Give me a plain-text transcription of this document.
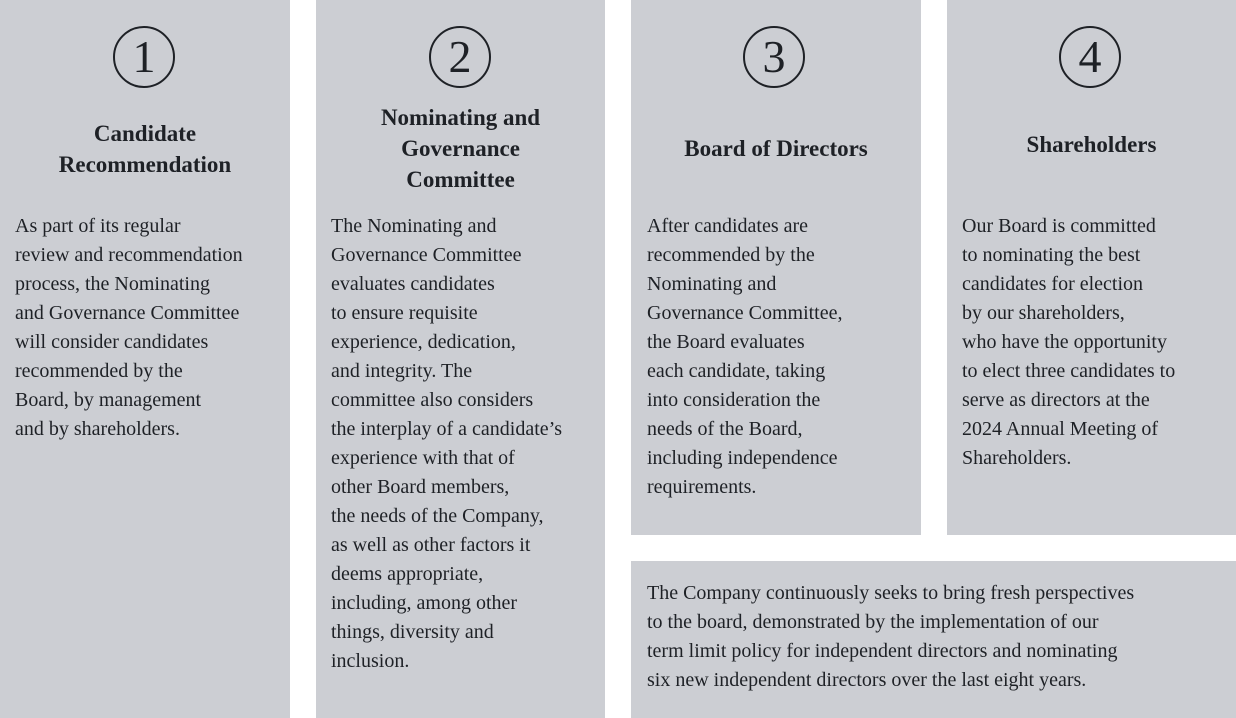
1	2	3	4
Candidate
Recommendation
Nominating and
Governance
Committee
Board of Directors	Shareholders

As part of its regular
review and recommendation
process, the Nominating
and Governance Committee
will consider candidates
recommended by the
Board, by management
and by shareholders.

The Nominating and
Governance Committee
evaluates candidates
to ensure requisite
experience, dedication,
and integrity. The
committee also considers
the interplay of a candidate’s
experience with that of
other Board members,
the needs of the Company,
as well as other factors it
deems appropriate,
including, among other
things, diversity and
inclusion.

After candidates are
recommended by the
Nominating and
Governance Committee,
the Board evaluates
each candidate, taking
into consideration the
needs of the Board,
including independence
requirements.

Our Board is committed
to nominating the best
candidates for election
by our shareholders,
who have the opportunity
to elect three candidates to
serve as directors at the
2024 Annual Meeting of
Shareholders.

The Company continuously seeks to bring fresh perspectives
to the board, demonstrated by the implementation of our
term limit policy for independent directors and nominating
six new independent directors over the last eight years.
